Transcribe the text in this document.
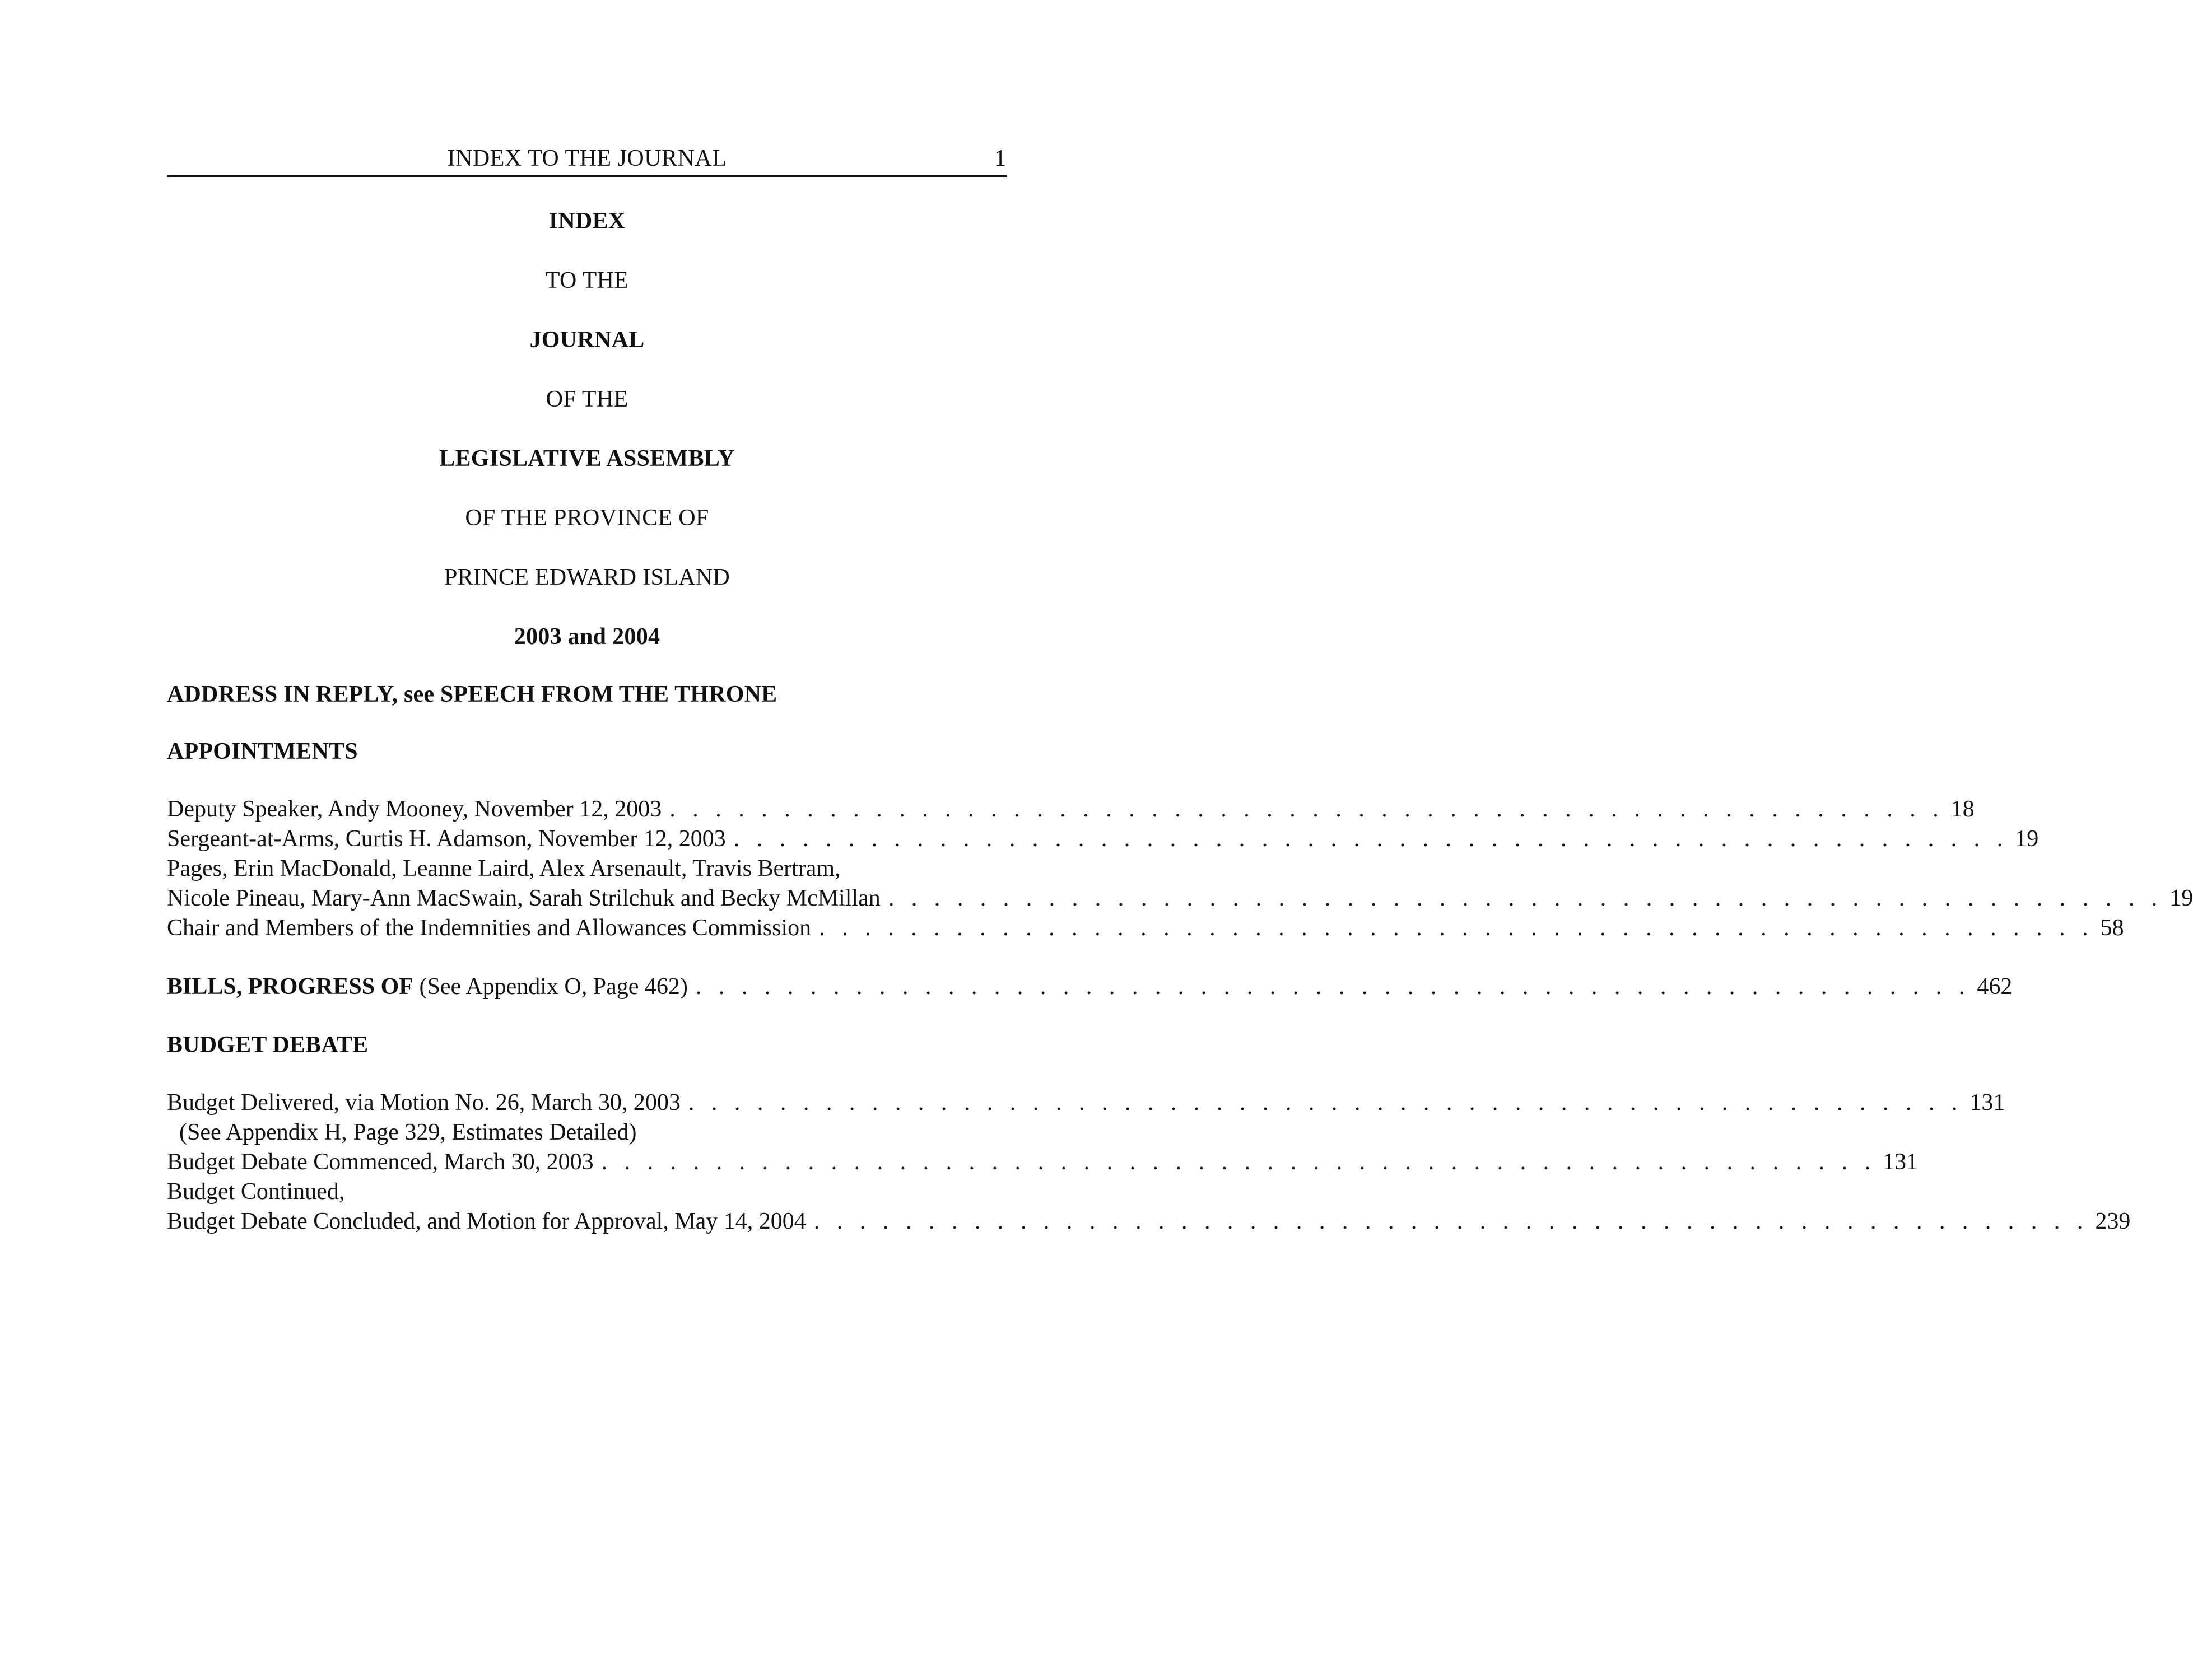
INDEX TO THE JOURNAL	1
INDEX
TO THE
JOURNAL
OF THE
LEGISLATIVE ASSEMBLY
OF THE PROVINCE OF
PRINCE EDWARD ISLAND
2003 and 2004
ADDRESS IN REPLY, see SPEECH FROM THE THRONE
APPOINTMENTS
Deputy Speaker, Andy Mooney, November 12, 2003 . . . . . . . . . . . . . . . . . . . . . . . . . . . . . . . . . . . . . . . . . . . . . . . . . . . . . . . . 18
Sergeant-at-Arms, Curtis H. Adamson, November 12, 2003 . . . . . . . . . . . . . . . . . . . . . . . . . . . . . . . . . . . . . . . . . . . . . . . . . . . . . . . . 19
Pages, Erin MacDonald, Leanne Laird, Alex Arsenault, Travis Bertram,
Nicole Pineau, Mary-Ann MacSwain, Sarah Strilchuk and Becky McMillan . . . . . . . . . . . . . . . . . . . . . . . . . . . . . . . . . . . . . . . . . . . . . . . . . . . . . . . . 19
Chair and Members of the Indemnities and Allowances Commission . . . . . . . . . . . . . . . . . . . . . . . . . . . . . . . . . . . . . . . . . . . . . . . . . . . . . . . . 58
BILLS, PROGRESS OF (See Appendix O, Page 462) . . . . . . . . . . . . . . . . . . . . . . . . . . . . . . . . . . . . . . . . . . . . . . . . . . . . . . . . 462
BUDGET DEBATE
Budget Delivered, via Motion No. 26, March 30, 2003 . . . . . . . . . . . . . . . . . . . . . . . . . . . . . . . . . . . . . . . . . . . . . . . . . . . . . . . . 131
(See Appendix H, Page 329, Estimates Detailed)
Budget Debate Commenced, March 30, 2003 . . . . . . . . . . . . . . . . . . . . . . . . . . . . . . . . . . . . . . . . . . . . . . . . . . . . . . . . 131
Budget Continued,
Budget Debate Concluded, and Motion for Approval, May 14, 2004 . . . . . . . . . . . . . . . . . . . . . . . . . . . . . . . . . . . . . . . . . . . . . . . . . . . . . . . . 239
